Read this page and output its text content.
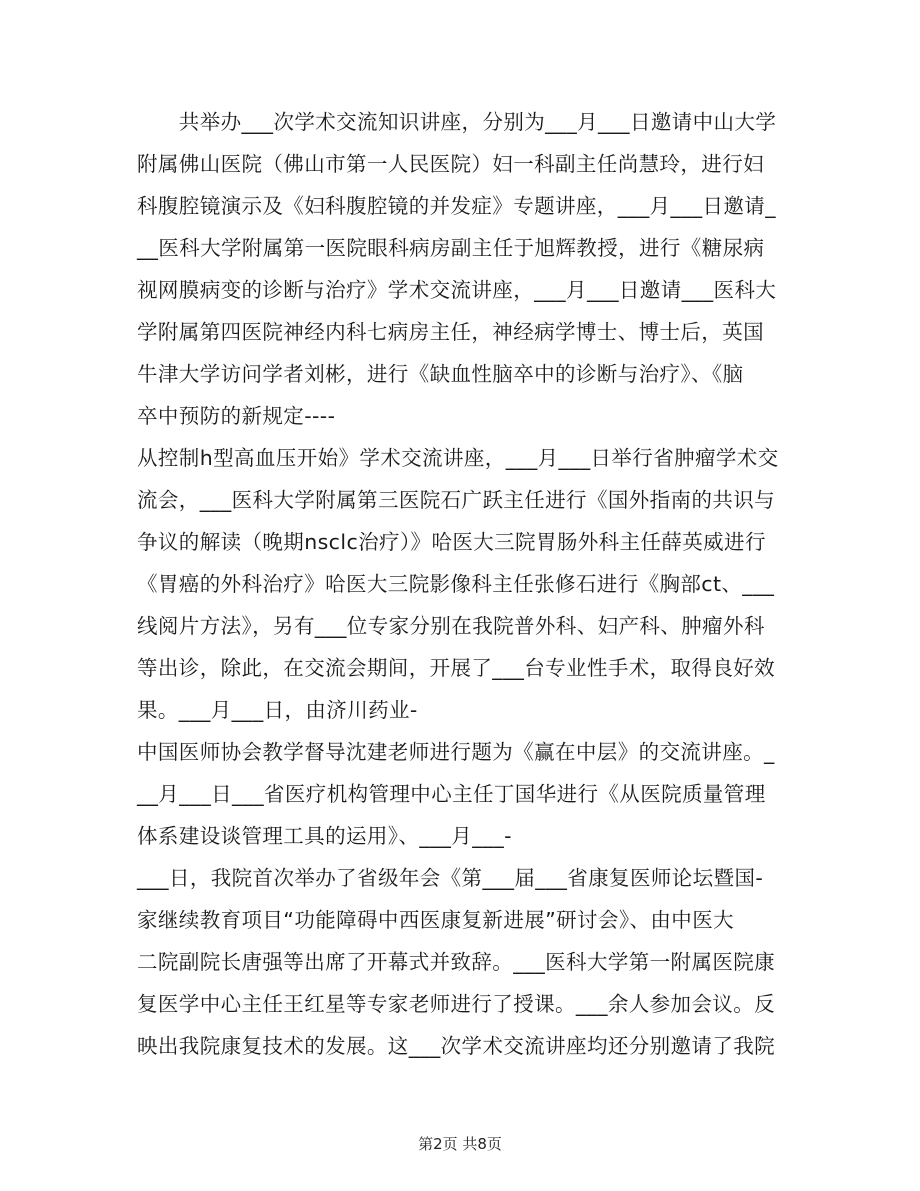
　　共举办___次学术交流知识讲座，分别为___月___日邀请中山大学
附属佛山医院（佛山市第一人民医院）妇一科副主任尚慧玲，进行妇
科腹腔镜演示及《妇科腹腔镜的并发症》专题讲座，___月___日邀请_
__医科大学附属第一医院眼科病房副主任于旭辉教授，进行《糖尿病
视网膜病变的诊断与治疗》学术交流讲座，___月___日邀请___医科大
学附属第四医院神经内科七病房主任，神经病学博士、博士后，英国
牛津大学访问学者刘彬，进行《缺血性脑卒中的诊断与治疗》、《脑
卒中预防的新规定----
从控制h型高血压开始》学术交流讲座，___月___日举行省肿瘤学术交
流会，___医科大学附属第三医院石广跃主任进行《国外指南的共识与
争议的解读（晚期nsclc治疗）》哈医大三院胃肠外科主任薛英威进行
《胃癌的外科治疗》哈医大三院影像科主任张修石进行《胸部ct、___
线阅片方法》，另有___位专家分别在我院普外科、妇产科、肿瘤外科
等出诊，除此，在交流会期间，开展了___台专业性手术，取得良好效
果。___月___日，由济川药业-
中国医师协会教学督导沈建老师进行题为《赢在中层》的交流讲座。_
__月___日___省医疗机构管理中心主任丁国华进行《从医院质量管理
体系建设谈管理工具的运用》、___月___-
___日，我院首次举办了省级年会《第___届___省康复医师论坛暨国-
家继续教育项目“功能障碍中西医康复新进展”研讨会》、由中医大
二院副院长唐强等出席了开幕式并致辞。___医科大学第一附属医院康
复医学中心主任王红星等专家老师进行了授课。___余人参加会议。反
映出我院康复技术的发展。这___次学术交流讲座均还分别邀请了我院
第2页 共8页
